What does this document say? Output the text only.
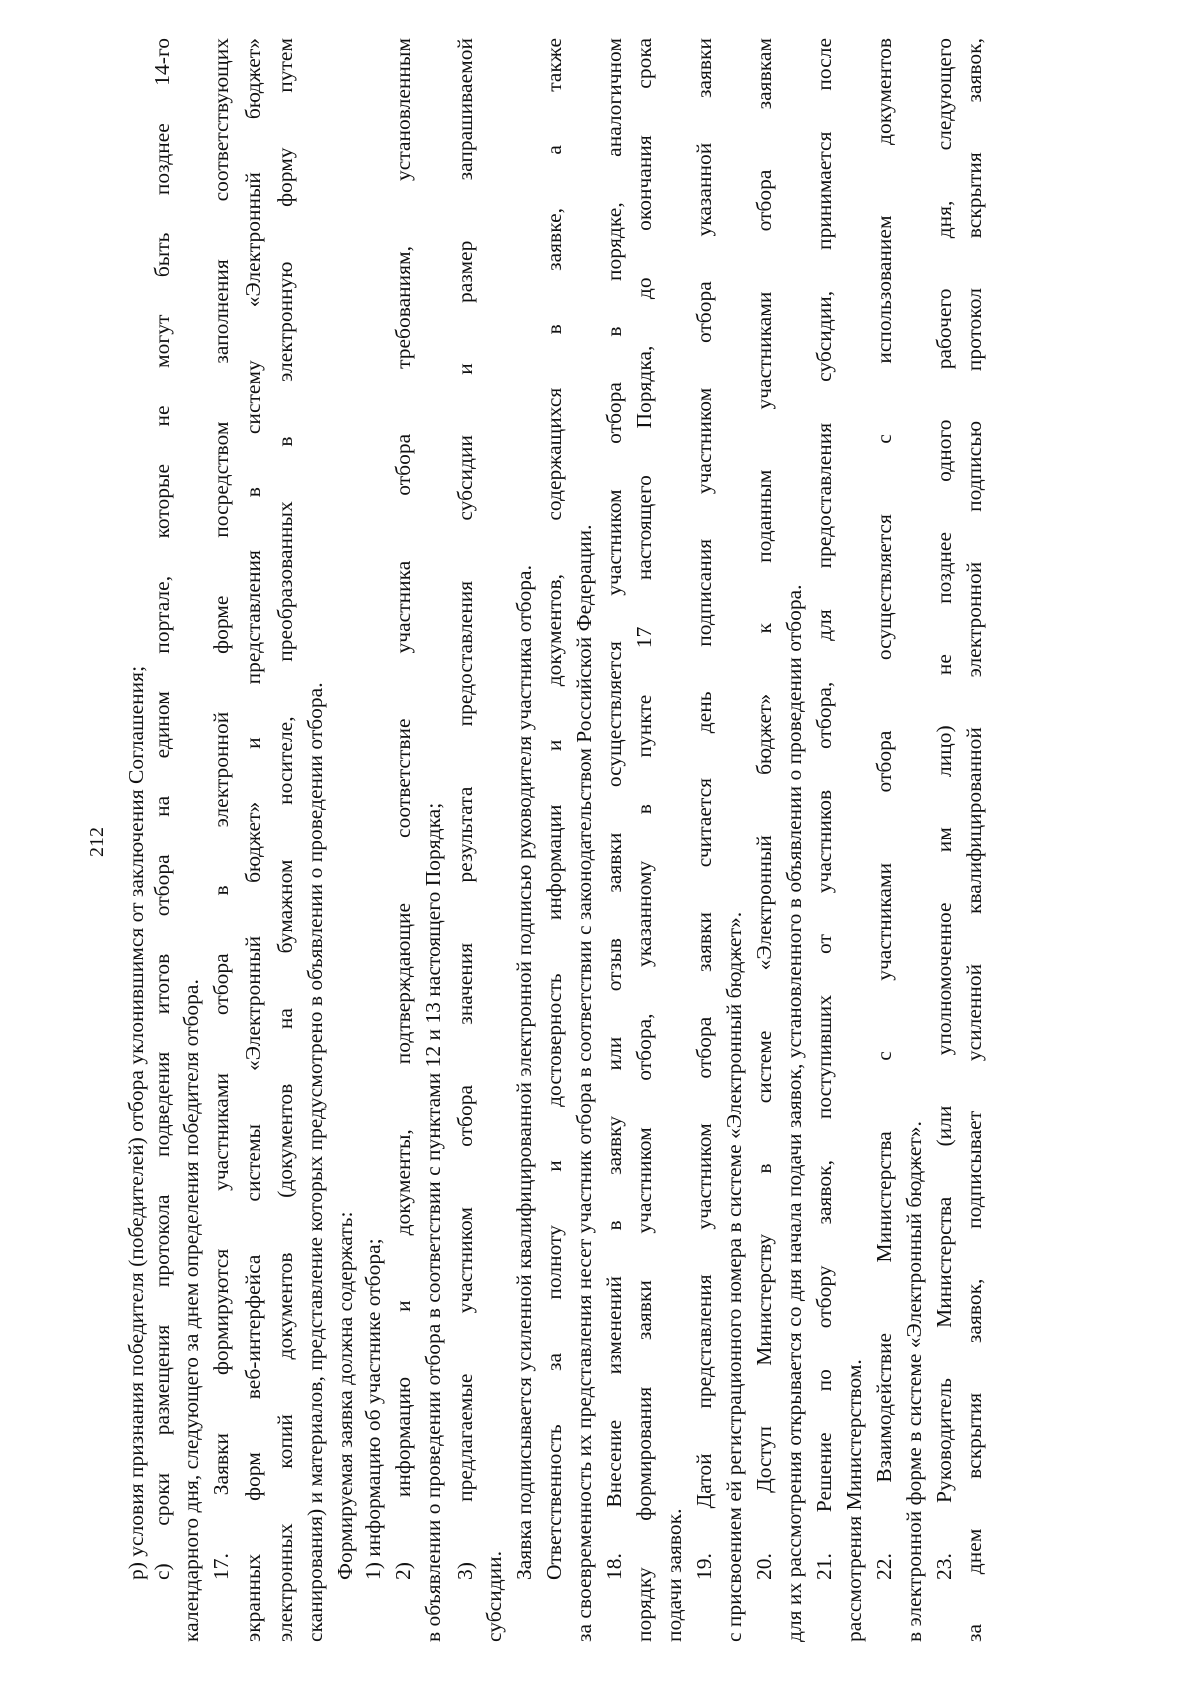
212 р) условия признания победителя (победителей) отбора уклонившимся от заключения Соглашения; с) сроки размещения протокола подведения итогов отбора на едином портале, которые не могут быть позднее 14-го календарного дня, следующего за днем определения победителя отбора. 17. Заявки формируются участниками отбора в электронной форме посредством заполнения соответствующих экранных форм веб-интерфейса системы «Электронный бюджет» и представления в систему «Электронный бюджет» электронных копий документов (документов на бумажном носителе, преобразованных в электронную форму путем сканирования) и материалов, представление которых предусмотрено в объявлении о проведении отбора. Формируемая заявка должна содержать: 1) информацию об участнике отбора; 2) информацию и документы, подтверждающие соответствие участника отбора требованиям, установленным в объявлении о проведении отбора в соответствии с пунктами 12 и 13 настоящего Порядка; 3) предлагаемые участником отбора значения результата предоставления субсидии и размер запрашиваемой
субсидии.
Заявка подписывается усиленной квалифицированной электронной подписью руководителя участника отбора. Ответственность за полноту и достоверность информации и документов, содержащихся в заявке, а также за своевременность их представления несет участник отбора в соответствии с законодательством Российской Федерации. 18. Внесение изменений в заявку или отзыв заявки осуществляется участником отбора в порядке, аналогичном порядку формирования заявки участником отбора, указанному в пункте 17 настоящего Порядка, до окончания срока подачи заявок. 19. Датой представления участником отбора заявки считается день подписания участником отбора указанной заявки с присвоением ей регистрационного номера в системе «Электронный бюджет». 20. Доступ Министерству в системе «Электронный бюджет» к поданным участниками отбора заявкам для их рассмотрения открывается со дня начала подачи заявок, установленного в объявлении о проведении отбора. 21. Решение по отбору заявок, поступивших от участников отбора, для предоставления субсидии, принимается после рассмотрения Министерством. 22. Взаимодействие Министерства с участниками отбора осуществляется с использованием документов в электронной форме в системе «Электронный бюджет». 23. Руководитель Министерства (или уполномоченное им лицо) не позднее одного рабочего дня, следующего за днем вскрытия заявок, подписывает усиленной квалифицированной электронной подписью протокол вскрытия заявок,
